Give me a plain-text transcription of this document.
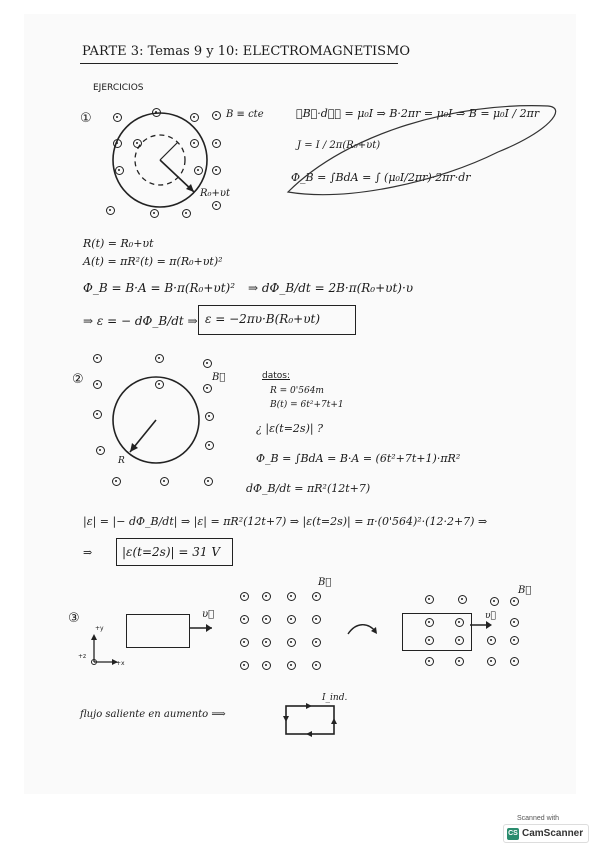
PARTE 3: Temas 9 y 10: ELECTROMAGNETISMO
EJERCICIOS
①	B ≡ cte
R₀+υt
∮B⃗·dℓ⃗ = μ₀I ⇒ B·2πr = μ₀I ⇒ B = μ₀I / 2πr
J = I / 2π(R₀+υt)
Φ_B = ∫BdA = ∫ (μ₀I/2πr)·2πr·dr
R(t) = R₀+υt
A(t) = πR²(t) = π(R₀+υt)²
Φ_B = B·A = B·π(R₀+υt)² ⇒ dΦ_B/dt = 2B·π(R₀+υt)·υ
⇒ ε = − dΦ_B/dt ⇒ ε = −2πυ·B(R₀+υt)
②	B⃗
R
datos:
R = 0'564m
B(t) = 6t²+7t+1
¿ |ε(t=2s)| ?
Φ_B = ∫BdA = B·A = (6t²+7t+1)·πR²
dΦ_B/dt = πR²(12t+7)
|ε| = |− dΦ_B/dt| ⇒ |ε| = πR²(12t+7) ⇒ |ε(t=2s)| = π·(0'564)²·(12·2+7) ⇒
⇒ |ε(t=2s)| = 31 V
③	υ⃗
+y
+x
+z
B⃗
B⃗
υ⃗
flujo saliente en aumento ⟹
I_ind.
Scanned with
CS CamScanner
